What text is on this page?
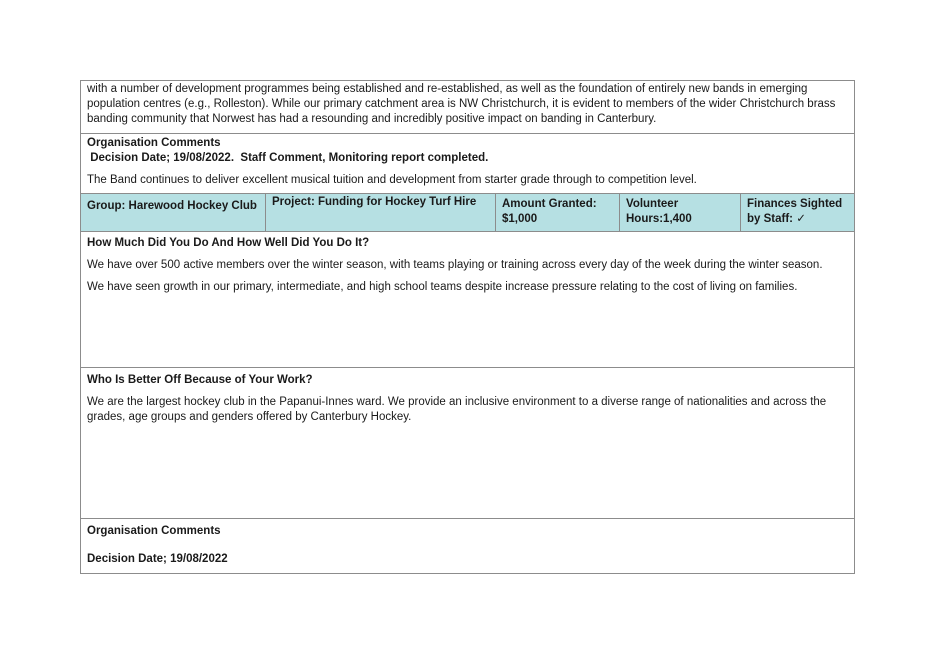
with a number of development programmes being established and re-established, as well as the foundation of entirely new bands in emerging population centres (e.g., Rolleston). While our primary catchment area is NW Christchurch, it is evident to members of the wider Christchurch brass banding community that Norwest has had a resounding and incredibly positive impact on banding in Canterbury.

Organisation Comments

Decision Date; 19/08/2022.  Staff Comment, Monitoring report completed.

The Band continues to deliver excellent musical tuition and development from starter grade through to competition level.

Group: Harewood Hockey Club	Project: Funding for Hockey Turf Hire	Amount Granted:
$1,000
Volunteer
Hours:1,400
Finances Sighted
by Staff: ✓

How Much Did You Do And How Well Did You Do It?

We have over 500 active members over the winter season, with teams playing or training across every day of the week during the winter season.

We have seen growth in our primary, intermediate, and high school teams despite increase pressure relating to the cost of living on families.

Who Is Better Off Because of Your Work?

We are the largest hockey club in the Papanui-Innes ward. We provide an inclusive environment to a diverse range of nationalities and across the grades, age groups and genders offered by Canterbury Hockey.

Organisation Comments

Decision Date; 19/08/2022
